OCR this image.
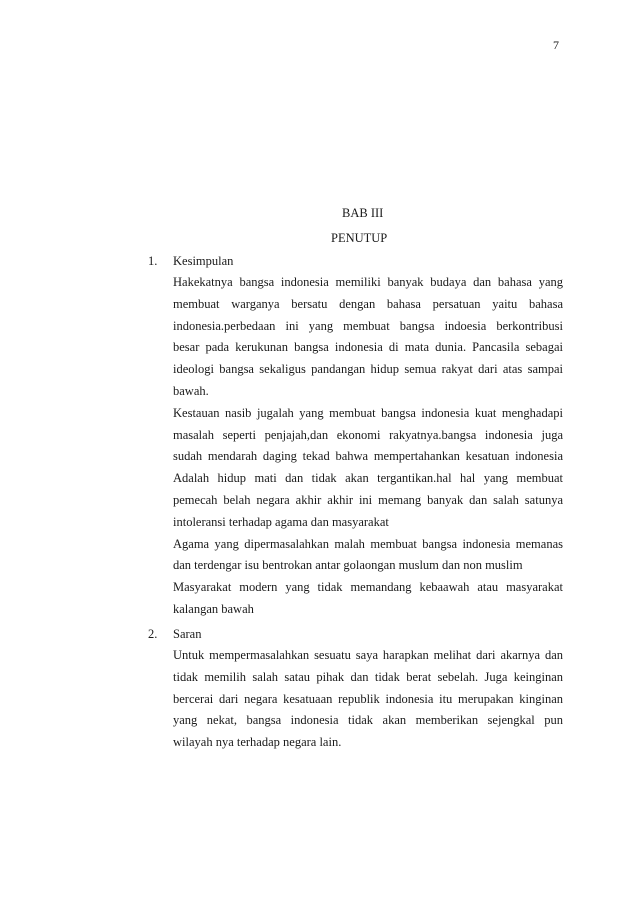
7
BAB III
PENUTUP
1.	Kesimpulan
Hakekatnya bangsa indonesia memiliki banyak budaya dan bahasa yang
membuat warganya bersatu dengan bahasa persatuan yaitu bahasa
indonesia.perbedaan ini yang membuat bangsa indoesia berkontribusi
besar pada kerukunan bangsa indonesia di mata dunia. Pancasila sebagai
ideologi bangsa sekaligus pandangan hidup semua rakyat dari atas sampai
bawah.
Kestauan nasib jugalah yang membuat bangsa indonesia kuat menghadapi
masalah seperti penjajah,dan ekonomi rakyatnya.bangsa indonesia juga
sudah mendarah daging tekad bahwa mempertahankan kesatuan indonesia
Adalah hidup mati dan tidak akan tergantikan.hal hal yang membuat
pemecah belah negara akhir akhir ini memang banyak dan salah satunya
intoleransi terhadap agama dan masyarakat
Agama yang dipermasalahkan malah membuat bangsa indonesia memanas
dan terdengar isu bentrokan antar golaongan muslum dan non muslim
Masyarakat modern yang tidak memandang kebaawah atau masyarakat
kalangan bawah
2.	Saran
Untuk mempermasalahkan sesuatu saya harapkan melihat dari akarnya dan
tidak memilih salah satau pihak dan tidak berat sebelah. Juga keinginan
bercerai dari negara kesatuaan republik indonesia itu merupakan kinginan
yang nekat, bangsa indonesia tidak akan memberikan sejengkal pun
wilayah nya terhadap negara lain.
